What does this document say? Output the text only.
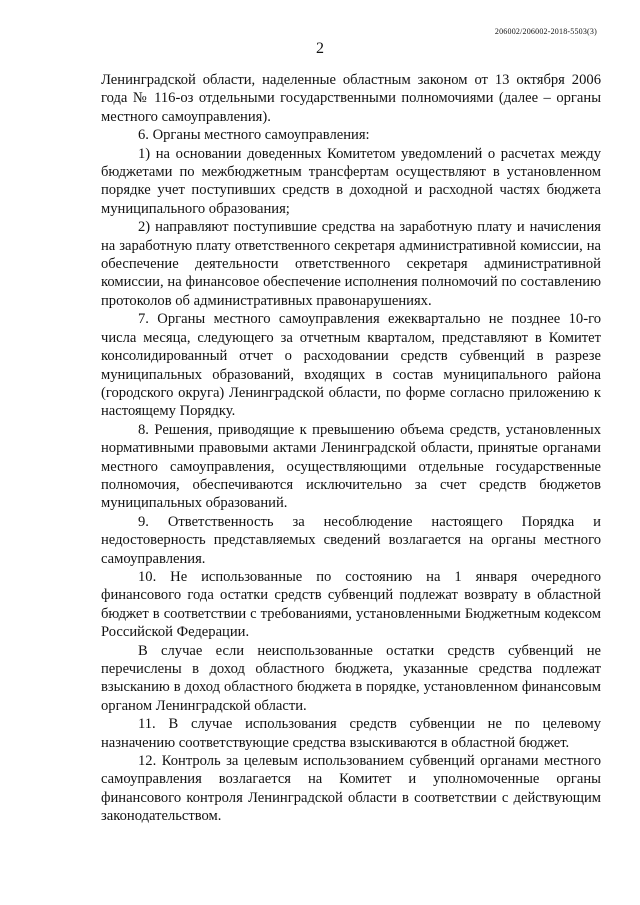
206002/206002-2018-5503(3)
2

Ленинградской области, наделенные областным законом от 13 октября 2006 года № 116-оз отдельными государственными полномочиями (далее – органы местного самоуправления).

6. Органы местного самоуправления:

1) на основании доведенных Комитетом уведомлений о расчетах между бюджетами по межбюджетным трансфертам осуществляют в установленном порядке учет поступивших средств в доходной и расходной частях бюджета муниципального образования;

2) направляют поступившие средства на заработную плату и начисления на заработную плату ответственного секретаря административной комиссии, на обеспечение деятельности ответственного секретаря административной комиссии, на финансовое обеспечение исполнения полномочий по составлению протоколов об административных правонарушениях.

7. Органы местного самоуправления ежеквартально не позднее 10-го числа месяца, следующего за отчетным кварталом, представляют в Комитет консолидированный отчет о расходовании средств субвенций в разрезе муниципальных образований, входящих в состав муниципального района (городского округа) Ленинградской области, по форме согласно приложению к настоящему Порядку.

8. Решения, приводящие к превышению объема средств, установленных нормативными правовыми актами Ленинградской области, принятые органами местного самоуправления, осуществляющими отдельные государственные полномочия, обеспечиваются исключительно за счет средств бюджетов муниципальных образований.

9. Ответственность за несоблюдение настоящего Порядка и недостоверность представляемых сведений возлагается на органы местного самоуправления.

10. Не использованные по состоянию на 1 января очередного финансового года остатки средств субвенций подлежат возврату в областной бюджет в соответствии с требованиями, установленными Бюджетным кодексом Российской Федерации.

В случае если неиспользованные остатки средств субвенций не перечислены в доход областного бюджета, указанные средства подлежат взысканию в доход областного бюджета в порядке, установленном финансовым органом Ленинградской области.

11. В случае использования средств субвенции не по целевому назначению соответствующие средства взыскиваются в областной бюджет.

12. Контроль за целевым использованием субвенций органами местного самоуправления возлагается на Комитет и уполномоченные органы финансового контроля Ленинградской области в соответствии с действующим законодательством.
